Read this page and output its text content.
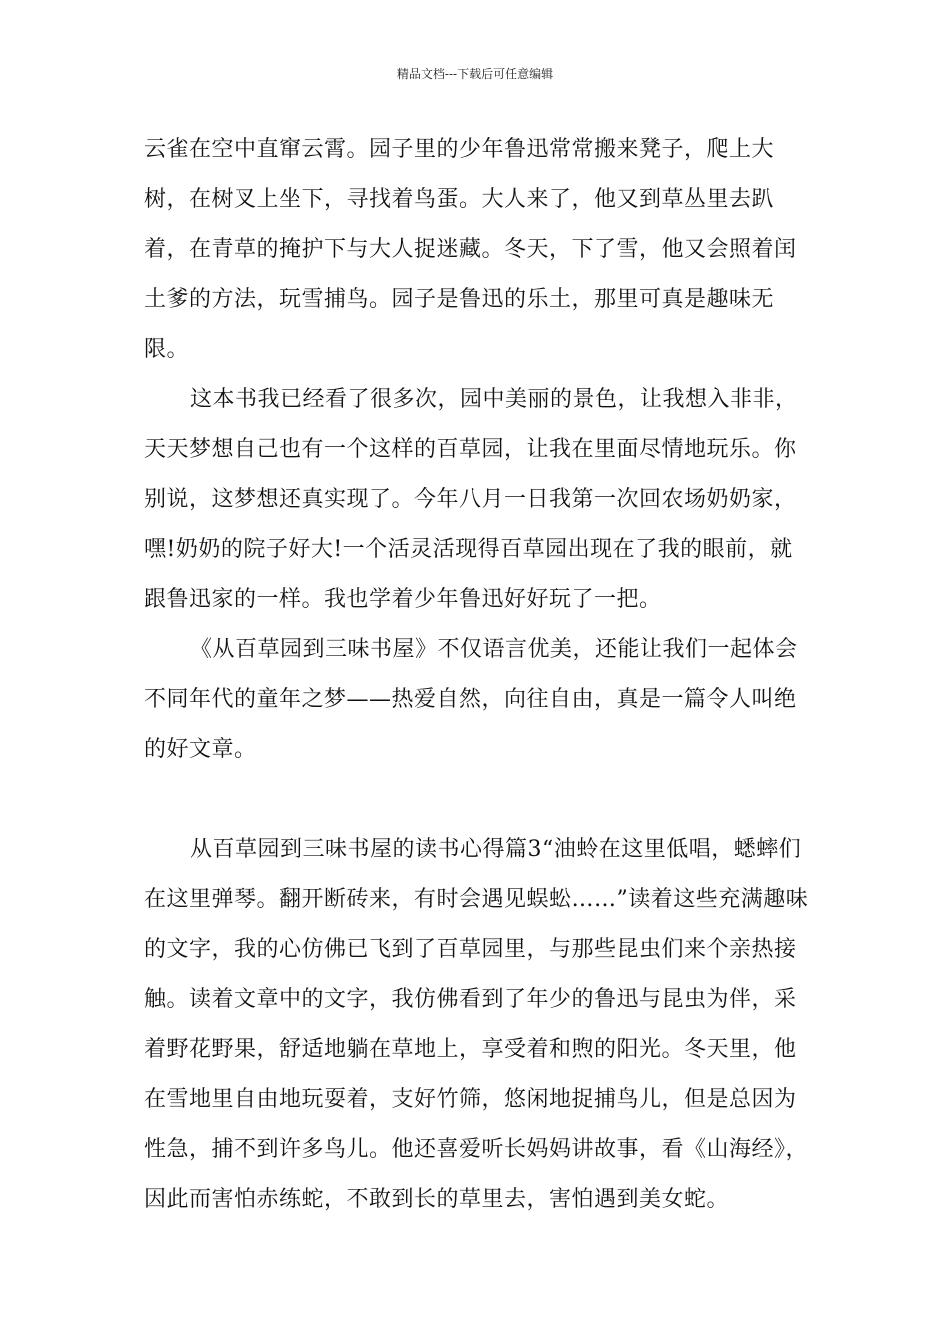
精品文档---下载后可任意编辑

云雀在空中直窜云霄。园子里的少年鲁迅常常搬来凳子，爬上大树，在树叉上坐下，寻找着鸟蛋。大人来了，他又到草丛里去趴着，在青草的掩护下与大人捉迷藏。冬天，下了雪，他又会照着闰土爹的方法，玩雪捕鸟。园子是鲁迅的乐土，那里可真是趣味无限。

这本书我已经看了很多次，园中美丽的景色，让我想入非非，天天梦想自己也有一个这样的百草园，让我在里面尽情地玩乐。你别说，这梦想还真实现了。今年八月一日我第一次回农场奶奶家，嘿!奶奶的院子好大!一个活灵活现得百草园出现在了我的眼前，就跟鲁迅家的一样。我也学着少年鲁迅好好玩了一把。

《从百草园到三味书屋》不仅语言优美，还能让我们一起体会不同年代的童年之梦——热爱自然，向往自由，真是一篇令人叫绝的好文章。

从百草园到三味书屋的读书心得篇3“油蛉在这里低唱，蟋蟀们在这里弹琴。翻开断砖来，有时会遇见蜈蚣……”读着这些充满趣味的文字，我的心仿佛已飞到了百草园里，与那些昆虫们来个亲热接触。读着文章中的文字，我仿佛看到了年少的鲁迅与昆虫为伴，采着野花野果，舒适地躺在草地上，享受着和煦的阳光。冬天里，他在雪地里自由地玩耍着，支好竹筛，悠闲地捉捕鸟儿，但是总因为性急，捕不到许多鸟儿。他还喜爱听长妈妈讲故事，看《山海经》，因此而害怕赤练蛇，不敢到长的草里去，害怕遇到美女蛇。
